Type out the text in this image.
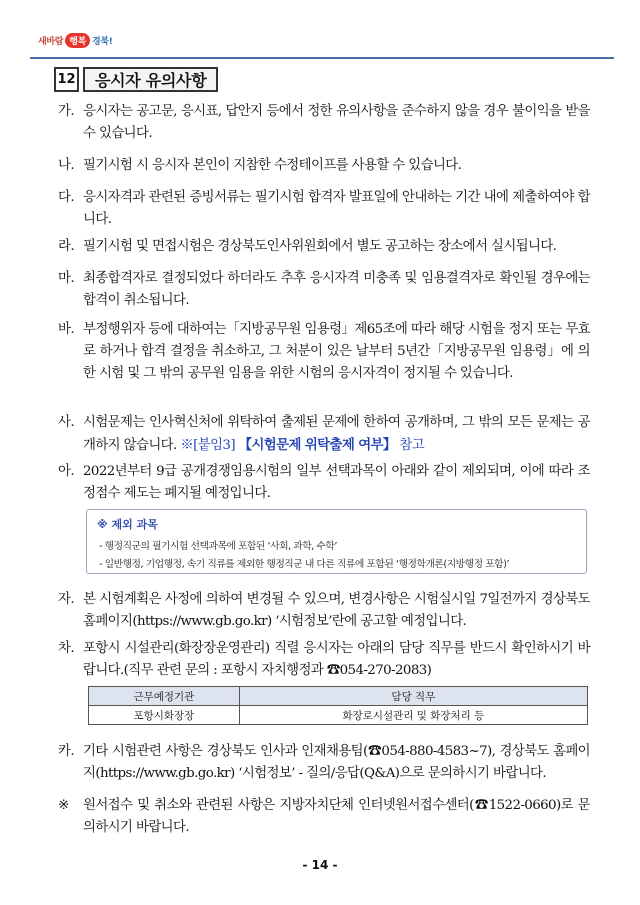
새바람 행복 경북!
12	응시자 유의사항
가. 응시자는 공고문, 응시표, 답안지 등에서 정한 유의사항을 준수하지 않을 경우 불이익을 받을 수 있습니다.
나. 필기시험 시 응시자 본인이 지참한 수정테이프를 사용할 수 있습니다.
다. 응시자격과 관련된 증빙서류는 필기시험 합격자 발표일에 안내하는 기간 내에 제출하여야 합니다.
라. 필기시험 및 면접시험은 경상북도인사위원회에서 별도 공고하는 장소에서 실시됩니다.
마. 최종합격자로 결정되었다 하더라도 추후 응시자격 미충족 및 임용결격자로 확인될 경우에는 합격이 취소됩니다.
바. 부정행위자 등에 대하여는「지방공무원 임용령」제65조에 따라 해당 시험을 정지 또는 무효로 하거나 합격 결정을 취소하고, 그 처분이 있은 날부터 5년간「지방공무원 임용령」에 의한 시험 및 그 밖의 공무원 임용을 위한 시험의 응시자격이 정지될 수 있습니다.
사. 시험문제는 인사혁신처에 위탁하여 출제된 문제에 한하여 공개하며, 그 밖의 모든 문제는 공개하지 않습니다. ※[붙임3] 【시험문제 위탁출제 여부】 참고
아. 2022년부터 9급 공개경쟁임용시험의 일부 선택과목이 아래와 같이 제외되며, 이에 따라 조정점수 제도는 폐지될 예정입니다.
※ 제외 과목
- 행정직군의 필기시험 선택과목에 포함된 ‘사회, 과학, 수학’
- 일반행정, 기업행정, 속기 직류를 제외한 행정직군 내 다른 직류에 포함된 ‘행정학개론(지방행정 포함)’
자. 본 시험계획은 사정에 의하여 변경될 수 있으며, 변경사항은 시험실시일 7일전까지 경상북도 홈페이지(https://www.gb.go.kr) ‘시험정보’란에 공고할 예정입니다.
차. 포항시 시설관리(화장장운영관리) 직렬 응시자는 아래의 담당 직무를 반드시 확인하시기 바랍니다.(직무 관련 문의 : 포항시 자치행정과 ☎054-270-2083)
근무예정기관	담당 직무
포항시화장장	화장로시설관리 및 화장처리 등
카. 기타 시험관련 사항은 경상북도 인사과 인재채용팀(☎054-880-4583~7), 경상북도 홈페이지(https://www.gb.go.kr) ‘시험정보’ - 질의/응답(Q&A)으로 문의하시기 바랍니다.
※	원서접수 및 취소와 관련된 사항은 지방자치단체 인터넷원서접수센터(☎1522-0660)로 문의하시기 바랍니다.
- 14 -
